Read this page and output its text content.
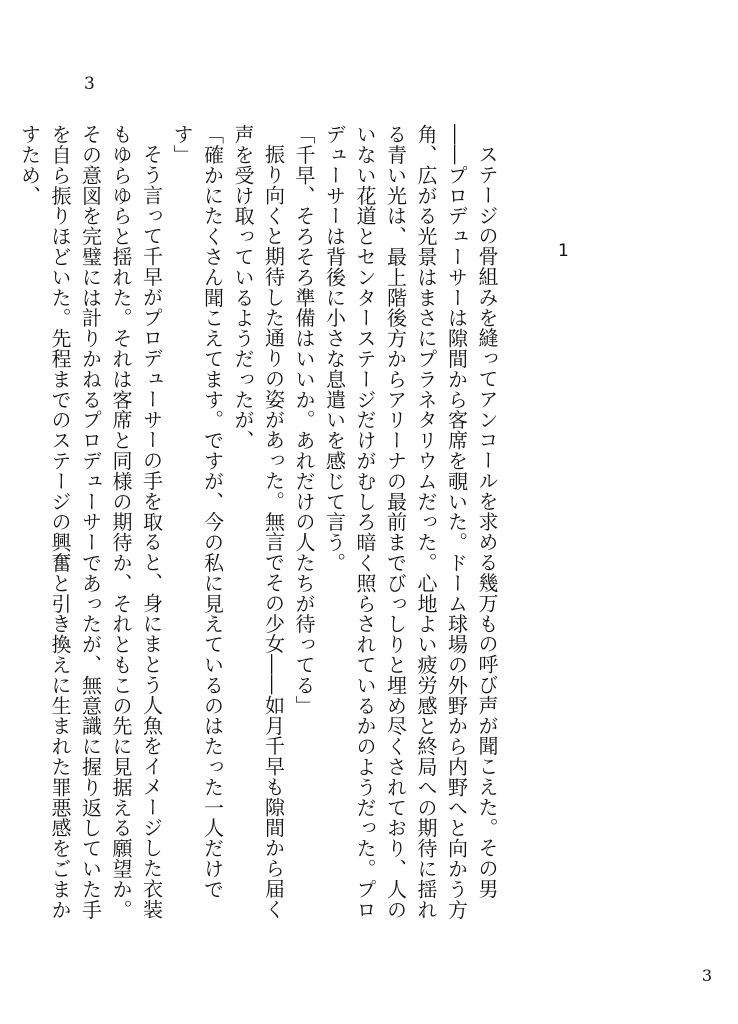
3
1

ステージの骨組みを縫ってアンコールを求める幾万もの呼び声が聞こえた。その男――プロデューサーは隙間から客席を覗いた。ドーム球場の外野から内野へと向かう方角、広がる光景はまさにプラネタリウムだった。心地よい疲労感と終局への期待に揺れる青い光は、最上階後方からアリーナの最前までびっしりと埋め尽くされており、人のいない花道とセンターステージだけがむしろ暗く照らされているかのようだった。プロデューサーは背後に小さな息遣いを感じて言う。

「千早、そろそろ準備はいいか。あれだけの人たちが待ってる」

振り向くと期待した通りの姿があった。無言でその少女――如月千早も隙間から届く声を受け取っているようだったが、

「確かにたくさん聞こえてます。ですが、今の私に見えているのはたった一人だけです」

そう言って千早がプロデューサーの手を取ると、身にまとう人魚をイメージした衣装もゆらゆらと揺れた。それは客席と同様の期待か、それともこの先に見据える願望か。その意図を完璧には計りかねるプロデューサーであったが、無意識に握り返していた手を自ら振りほどいた。先程までのステージの興奮と引き換えに生まれた罪悪感をごまかすため、

3
